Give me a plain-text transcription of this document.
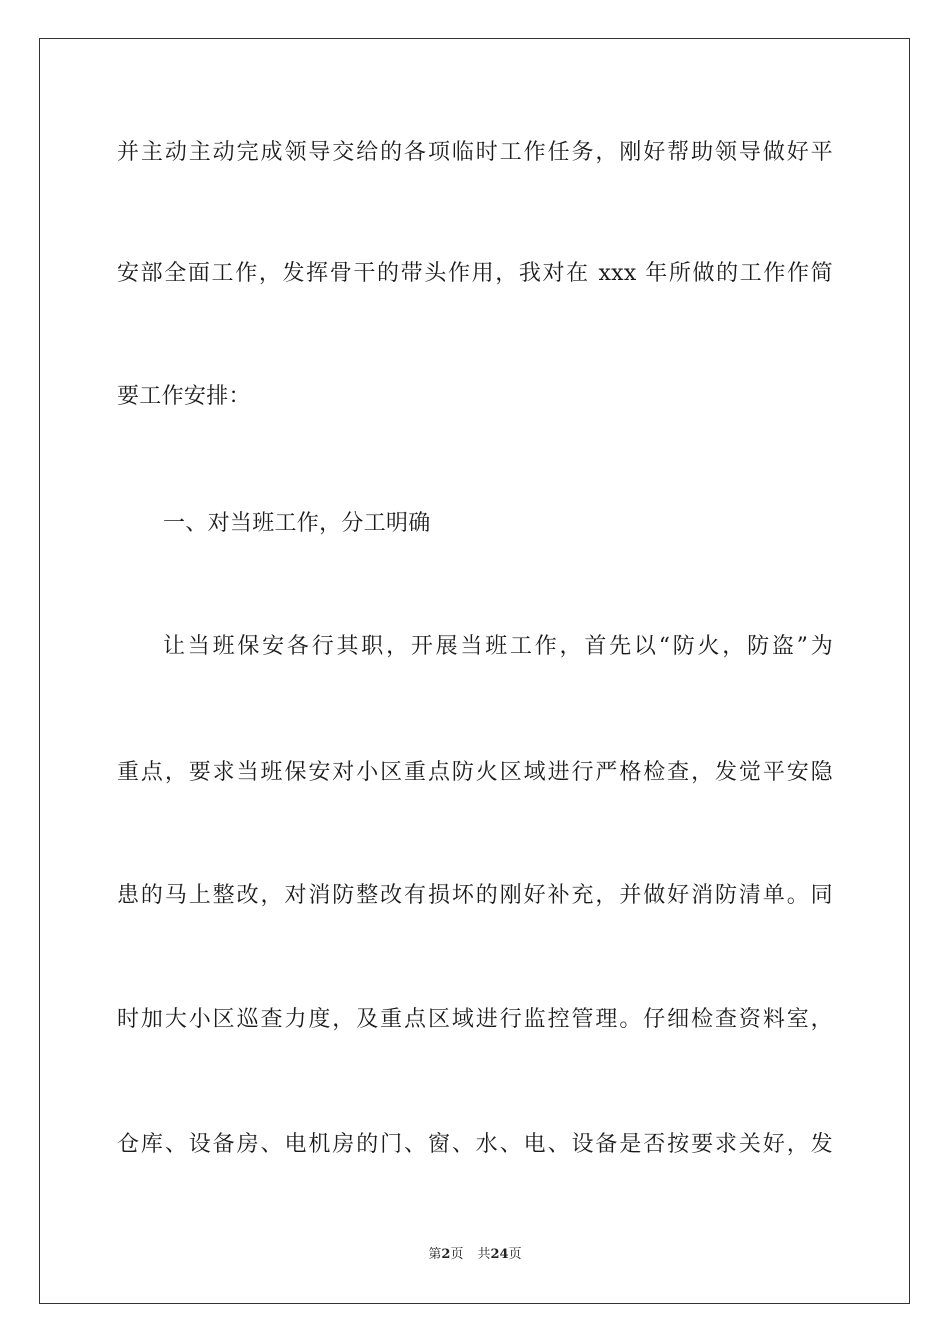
并主动主动完成领导交给的各项临时工作任务，刚好帮助领导做好平
安部全面工作，发挥骨干的带头作用，我对在 xxx 年所做的工作作简
要工作安排：
一、对当班工作，分工明确
让当班保安各行其职，开展当班工作，首先以“防火，防盗”为
重点，要求当班保安对小区重点防火区域进行严格检查，发觉平安隐
患的马上整改，对消防整改有损坏的刚好补充，并做好消防清单。同
时加大小区巡查力度，及重点区域进行监控管理。仔细检查资料室，
仓库、设备房、电机房的门、窗、水、电、设备是否按要求关好，发
第2页 共24页
